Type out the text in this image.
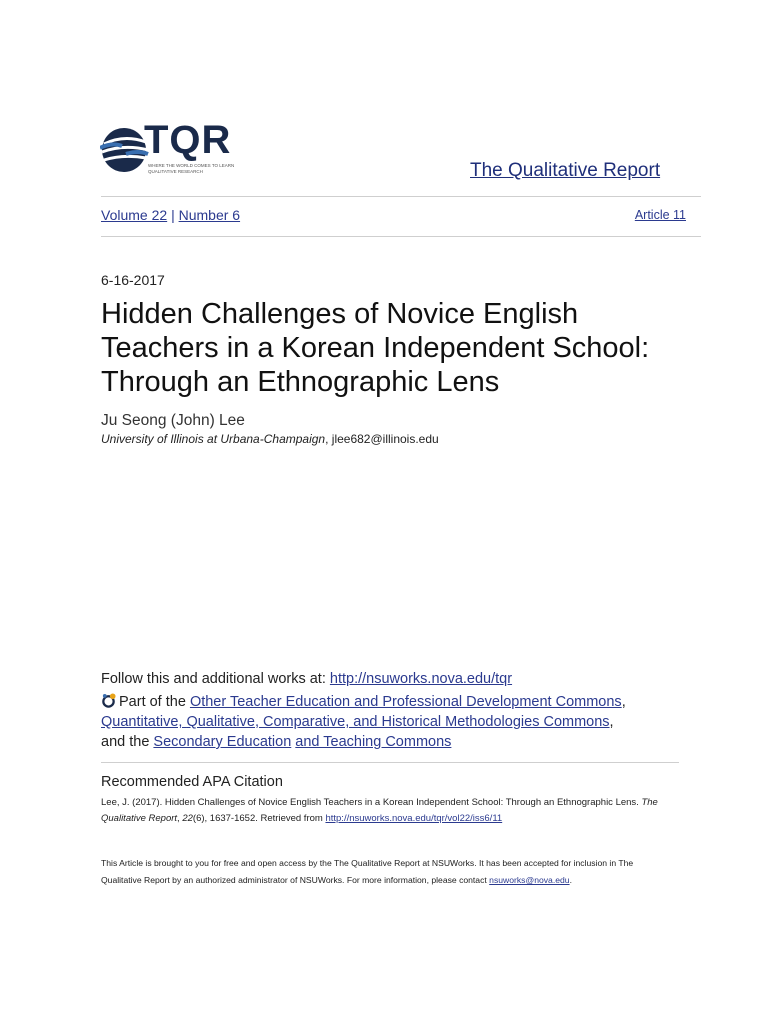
TQR
WHERE THE WORLD COMES TO LEARN QUALITATIVE RESEARCH	The Qualitative Report
Volume 22 | Number 6	Article 11
6-16-2017
Hidden Challenges of Novice English Teachers in a Korean Independent School: Through an Ethnographic Lens
Ju Seong (John) Lee
University of Illinois at Urbana-Champaign, jlee682@illinois.edu
Follow this and additional works at: http://nsuworks.nova.edu/tqr
Part of the Other Teacher Education and Professional Development Commons,
Quantitative, Qualitative, Comparative, and Historical Methodologies Commons,
and the Secondary Education and Teaching Commons
Recommended APA Citation
Lee, J. (2017). Hidden Challenges of Novice English Teachers in a Korean Independent School: Through an Ethnographic Lens. The Qualitative Report, 22(6), 1637-1652. Retrieved from http://nsuworks.nova.edu/tqr/vol22/iss6/11
This Article is brought to you for free and open access by the The Qualitative Report at NSUWorks. It has been accepted for inclusion in The Qualitative Report by an authorized administrator of NSUWorks. For more information, please contact nsuworks@nova.edu.
